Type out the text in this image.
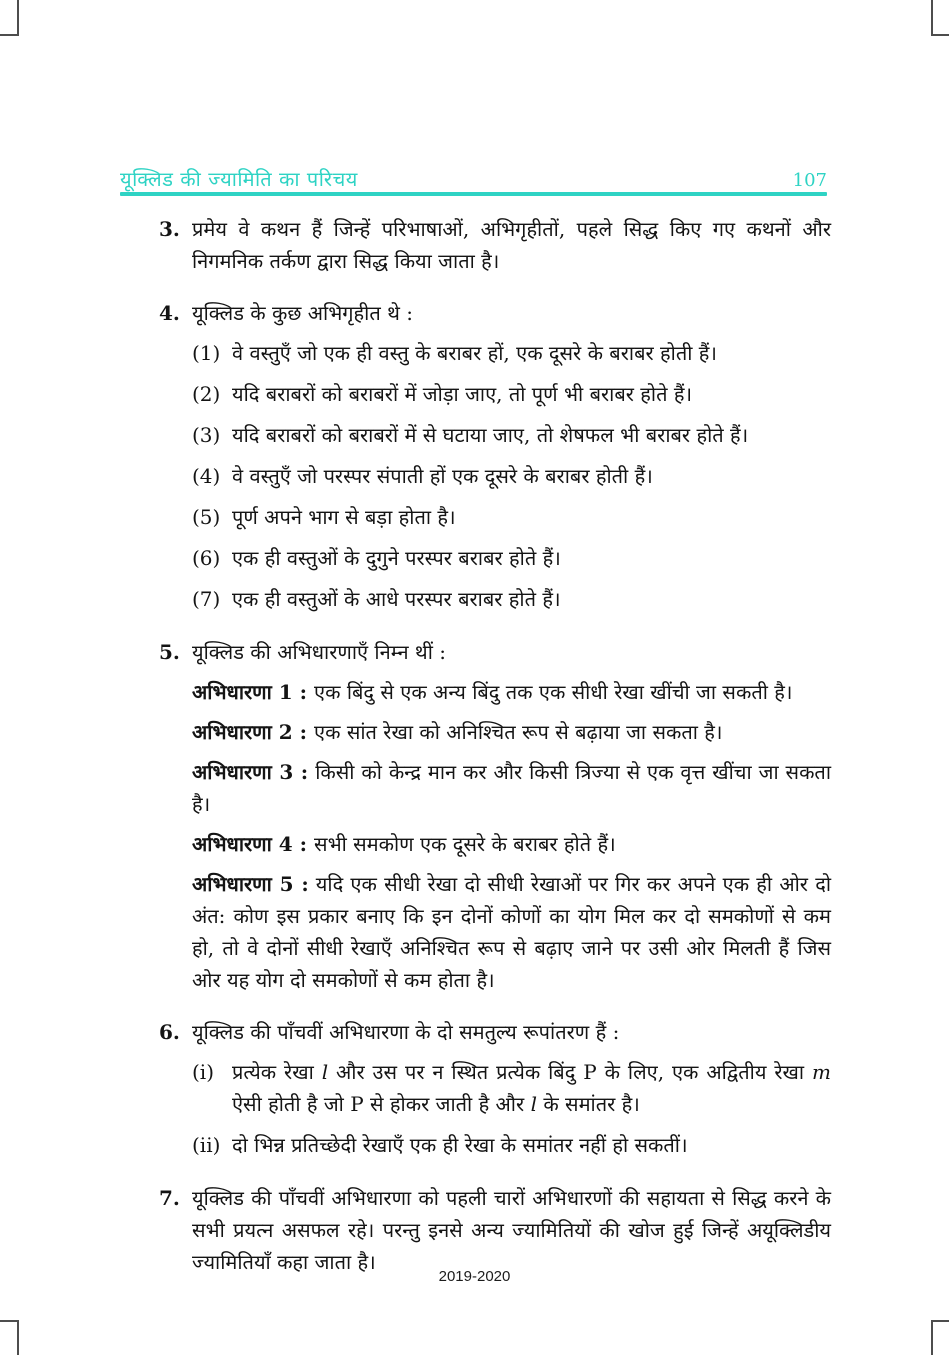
यूक्लिड की ज्यामिति का परिचय	107
3. प्रमेय वे कथन हैं जिन्हें परिभाषाओं, अभिगृहीतों, पहले सिद्ध किए गए कथनों और निगमनिक तर्कण द्वारा सिद्ध किया जाता है।

4. यूक्लिड के कुछ अभिगृहीत थे :

(1) वे वस्तुएँ जो एक ही वस्तु के बराबर हों, एक दूसरे के बराबर होती हैं।
(2) यदि बराबरों को बराबरों में जोड़ा जाए, तो पूर्ण भी बराबर होते हैं।
(3) यदि बराबरों को बराबरों में से घटाया जाए, तो शेषफल भी बराबर होते हैं।
(4) वे वस्तुएँ जो परस्पर संपाती हों एक दूसरे के बराबर होती हैं।
(5) पूर्ण अपने भाग से बड़ा होता है।
(6) एक ही वस्तुओं के दुगुने परस्पर बराबर होते हैं।
(7) एक ही वस्तुओं के आधे परस्पर बराबर होते हैं।
5. यूक्लिड की अभिधारणाएँ निम्न थीं :

अभिधारणा 1 : एक बिंदु से एक अन्य बिंदु तक एक सीधी रेखा खींची जा सकती है।

अभिधारणा 2 : एक सांत रेखा को अनिश्चित रूप से बढ़ाया जा सकता है।

अभिधारणा 3 : किसी को केन्द्र मान कर और किसी त्रिज्या से एक वृत्त खींचा जा सकता है।

अभिधारणा 4 : सभी समकोण एक दूसरे के बराबर होते हैं।

अभिधारणा 5 : यदि एक सीधी रेखा दो सीधी रेखाओं पर गिर कर अपने एक ही ओर दो अंत: कोण इस प्रकार बनाए कि इन दोनों कोणों का योग मिल कर दो समकोणों से कम हो, तो वे दोनों सीधी रेखाएँ अनिश्चित रूप से बढ़ाए जाने पर उसी ओर मिलती हैं जिस ओर यह योग दो समकोणों से कम होता है।

6. यूक्लिड की पाँचवीं अभिधारणा के दो समतुल्य रूपांतरण हैं :

(i) प्रत्येक रेखा l और उस पर न स्थित प्रत्येक बिंदु P के लिए, एक अद्वितीय रेखा m ऐसी होती है जो P से होकर जाती है और l के समांतर है।
(ii) दो भिन्न प्रतिच्छेदी रेखाएँ एक ही रेखा के समांतर नहीं हो सकतीं।
7. यूक्लिड की पाँचवीं अभिधारणा को पहली चारों अभिधारणों की सहायता से सिद्ध करने के सभी प्रयत्न असफल रहे। परन्तु इनसे अन्य ज्यामितियों की खोज हुई जिन्हें अयूक्लिडीय ज्यामितियाँ कहा जाता है।

2019-2020
